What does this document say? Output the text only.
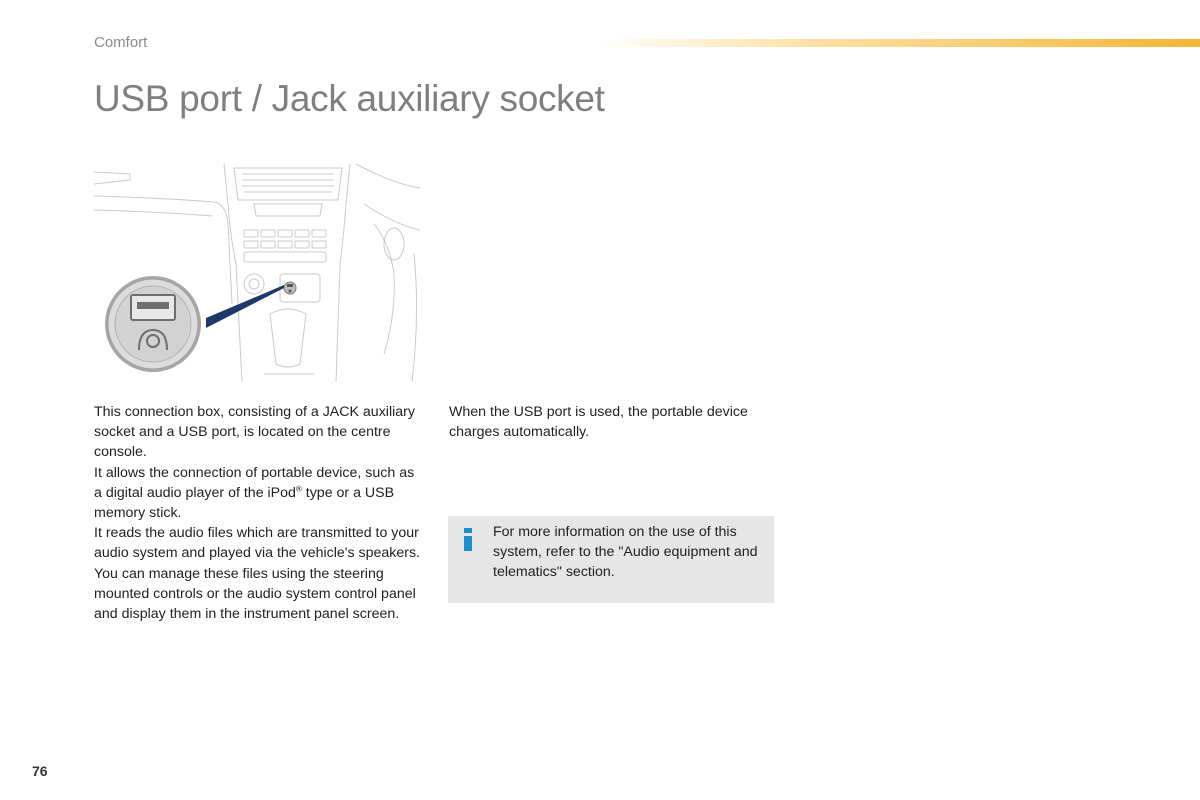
Comfort
USB port / Jack auxiliary socket

This connection box, consisting of a JACK auxiliary socket and a USB port, is located on the centre console.

It allows the connection of portable device, such as a digital audio player of the iPod® type or a USB memory stick.

It reads the audio files which are transmitted to your audio system and played via the vehicle's speakers.

You can manage these files using the steering mounted controls or the audio system control panel and display them in the instrument panel screen.

When the USB port is used, the portable device charges automatically.

For more information on the use of this system, refer to the "Audio equipment and telematics" section.

76
